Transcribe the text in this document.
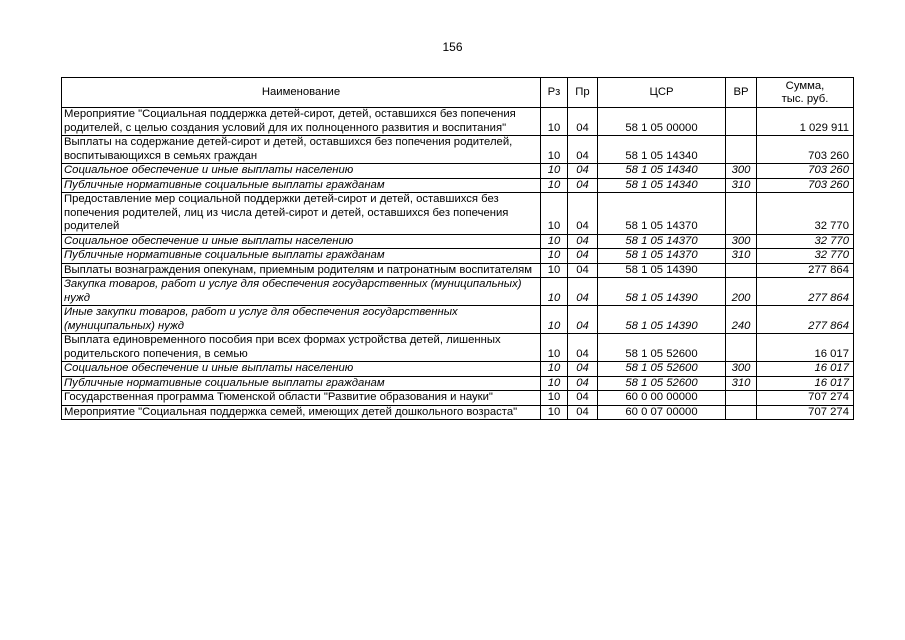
156
Наименование	Рз	Пр	ЦСР	ВР	Сумма,
тыс. руб.

Мероприятие "Социальная поддержка детей-сирот, детей, оставшихся без попечения родителей, с целью создания условий для их полноценного развития и воспитания"	10	04	58 1 05 00000		1 029 911
Выплаты на содержание детей-сирот и детей, оставшихся без попечения родителей, воспитывающихся в семьях граждан	10	04	58 1 05 14340		703 260
Социальное обеспечение и иные выплаты населению	10	04	58 1 05 14340	300	703 260
Публичные нормативные социальные выплаты гражданам	10	04	58 1 05 14340	310	703 260
Предоставление мер социальной поддержки детей-сирот и детей, оставшихся без попечения родителей, лиц из числа детей-сирот и детей, оставшихся без попечения родителей	10	04	58 1 05 14370		32 770
Социальное обеспечение и иные выплаты населению	10	04	58 1 05 14370	300	32 770
Публичные нормативные социальные выплаты гражданам	10	04	58 1 05 14370	310	32 770
Выплаты вознаграждения опекунам, приемным родителям и патронатным воспитателям	10	04	58 1 05 14390		277 864
Закупка товаров, работ и услуг для обеспечения государственных (муниципальных) нужд	10	04	58 1 05 14390	200	277 864
Иные закупки товаров, работ и услуг для обеспечения государственных (муниципальных) нужд	10	04	58 1 05 14390	240	277 864
Выплата единовременного пособия при всех формах устройства детей, лишенных родительского попечения, в семью	10	04	58 1 05 52600		16 017
Социальное обеспечение и иные выплаты населению	10	04	58 1 05 52600	300	16 017
Публичные нормативные социальные выплаты гражданам	10	04	58 1 05 52600	310	16 017
Государственная программа Тюменской области "Развитие образования и науки"	10	04	60 0 00 00000		707 274
Мероприятие "Социальная поддержка семей, имеющих детей дошкольного возраста"	10	04	60 0 07 00000		707 274
